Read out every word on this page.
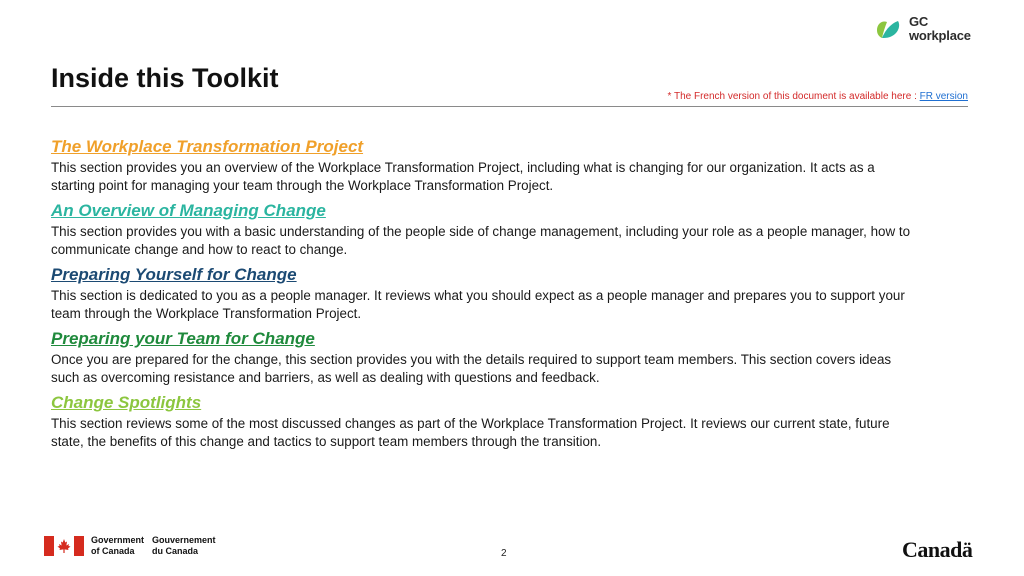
GC
workplace
Inside this Toolkit
* The French version of this document is available here : FR version
The Workplace Transformation Project

This section provides you an overview of the Workplace Transformation Project, including what is changing for our organization. It acts as a starting point for managing your team through the Workplace Transformation Project.

An Overview of Managing Change

This section provides you with a basic understanding of the people side of change management, including your role as a people manager, how to communicate change and how to react to change.

Preparing Yourself for Change

This section is dedicated to you as a people manager. It reviews what you should expect as a people manager and prepares you to support your team through the Workplace Transformation Project.

Preparing your Team for Change

Once you are prepared for the change, this section provides you with the details required to support team members. This section covers ideas such as overcoming resistance and barriers, as well as dealing with questions and feedback.

Change Spotlights

This section reviews some of the most discussed changes as part of the Workplace Transformation Project. It reviews our current state, future state, the benefits of this change and tactics to support team members through the transition.

Government
of Canada
Gouvernement
du Canada	2	Canadä
